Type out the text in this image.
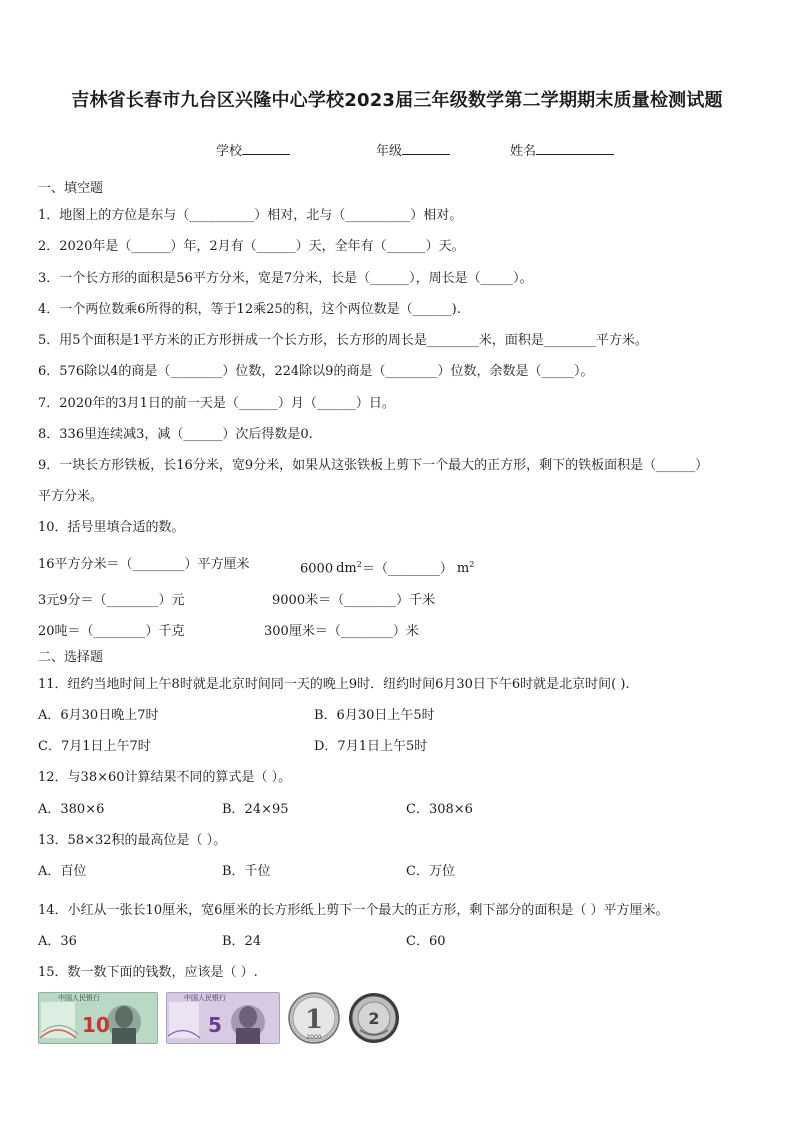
吉林省长春市九台区兴隆中心学校2023届三年级数学第二学期期末质量检测试题
学校	年级	姓名
一、填空题
1．地图上的方位是东与（__________）相对，北与（__________）相对。
2．2020年是（______）年，2月有（______）天，全年有（______）天。
3．一个长方形的面积是56平方分米，宽是7分米，长是（______），周长是（_____）。
4．一个两位数乘6所得的积，等于12乘25的积，这个两位数是（______).
5．用5个面积是1平方米的正方形拼成一个长方形，长方形的周长是________米，面积是________平方米。
6．576除以4的商是（________）位数，224除以9的商是（________）位数，余数是（_____）。
7．2020年的3月1日的前一天是（______）月（______）日。
8．336里连续减3，减（______）次后得数是0.
9．一块长方形铁板，长16分米，宽9分米，如果从这张铁板上剪下一个最大的正方形，剩下的铁板面积是（______）
平方分米。
10．括号里填合适的数。
16平方分米＝（________）平方厘米	6000 $dm^2=(\_\_\_\_\_\_\_\_)$ $m^2$
3元9分＝（________）元	9000米＝（________）千米
20吨＝（________）千克	300厘米＝（________）米
二、选择题
11．纽约当地时间上午8时就是北京时间同一天的晚上9时．纽约时间6月30日下午6时就是北京时间( ).
A．6月30日晚上7时	B．6月30日上午5时
C．7月1日上午7时	D．7月1日上午5时
12．与38×60计算结果不同的算式是（ ）。
A．380×6	B．24×95	C．308×6
13．58×32积的最高位是（ ）。
A．百位	B．千位	C．万位
14．小红从一张长10厘米，宽6厘米的长方形纸上剪下一个最大的正方形，剩下部分的面积是（ ）平方厘米。
A．36	B．24	C．60
15．数一数下面的钱数，应该是（ ）.
10
中国人民银行
5
中国人民银行
1
2000
2
